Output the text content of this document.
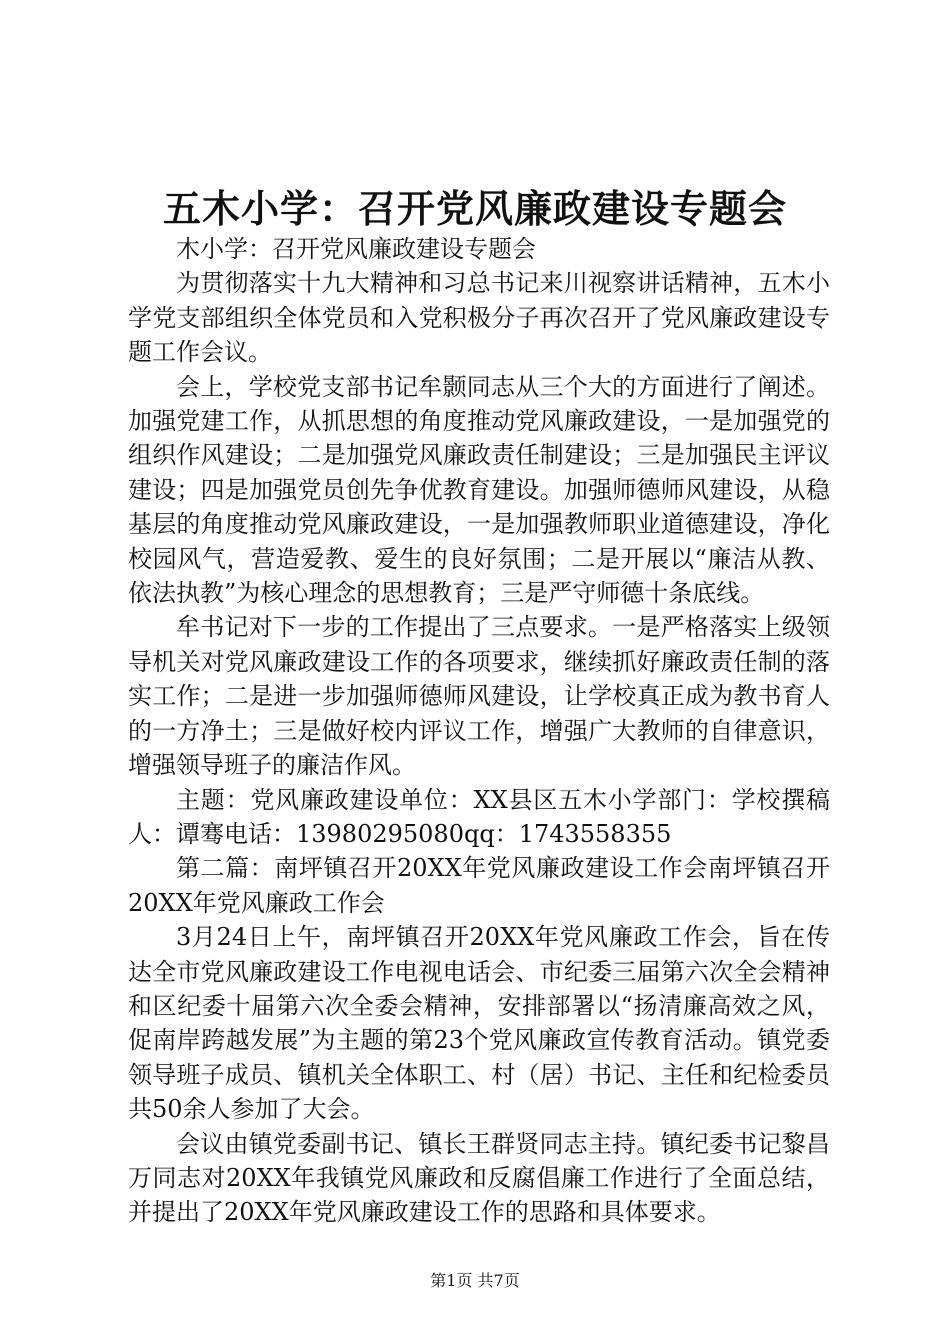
五木小学：召开党风廉政建设专题会

木小学：召开党风廉政建设专题会

为贯彻落实十九大精神和习总书记来川视察讲话精神，五木小学党支部组织全体党员和入党积极分子再次召开了党风廉政建设专题工作会议。

会上，学校党支部书记牟颢同志从三个大的方面进行了阐述。加强党建工作，从抓思想的角度推动党风廉政建设，一是加强党的组织作风建设；二是加强党风廉政责任制建设；三是加强民主评议建设；四是加强党员创先争优教育建设。加强师德师风建设，从稳基层的角度推动党风廉政建设，一是加强教师职业道德建设，净化校园风气，营造爱教、爱生的良好氛围；二是开展以“廉洁从教、依法执教”为核心理念的思想教育；三是严守师德十条底线。

牟书记对下一步的工作提出了三点要求。一是严格落实上级领导机关对党风廉政建设工作的各项要求，继续抓好廉政责任制的落实工作；二是进一步加强师德师风建设，让学校真正成为教书育人的一方净土；三是做好校内评议工作，增强广大教师的自律意识，增强领导班子的廉洁作风。

主题：党风廉政建设单位：XX县区五木小学部门：学校撰稿人：谭骞电话：13980295080qq：1743558355

第二篇：南坪镇召开20XX年党风廉政建设工作会南坪镇召开20XX年党风廉政工作会

3月24日上午，南坪镇召开20XX年党风廉政工作会，旨在传达全市党风廉政建设工作电视电话会、市纪委三届第六次全会精神和区纪委十届第六次全委会精神，安排部署以“扬清廉高效之风，促南岸跨越发展”为主题的第23个党风廉政宣传教育活动。镇党委领导班子成员、镇机关全体职工、村（居）书记、主任和纪检委员共50余人参加了大会。

会议由镇党委副书记、镇长王群贤同志主持。镇纪委书记黎昌万同志对20XX年我镇党风廉政和反腐倡廉工作进行了全面总结，并提出了20XX年党风廉政建设工作的思路和具体要求。

第1页 共7页
